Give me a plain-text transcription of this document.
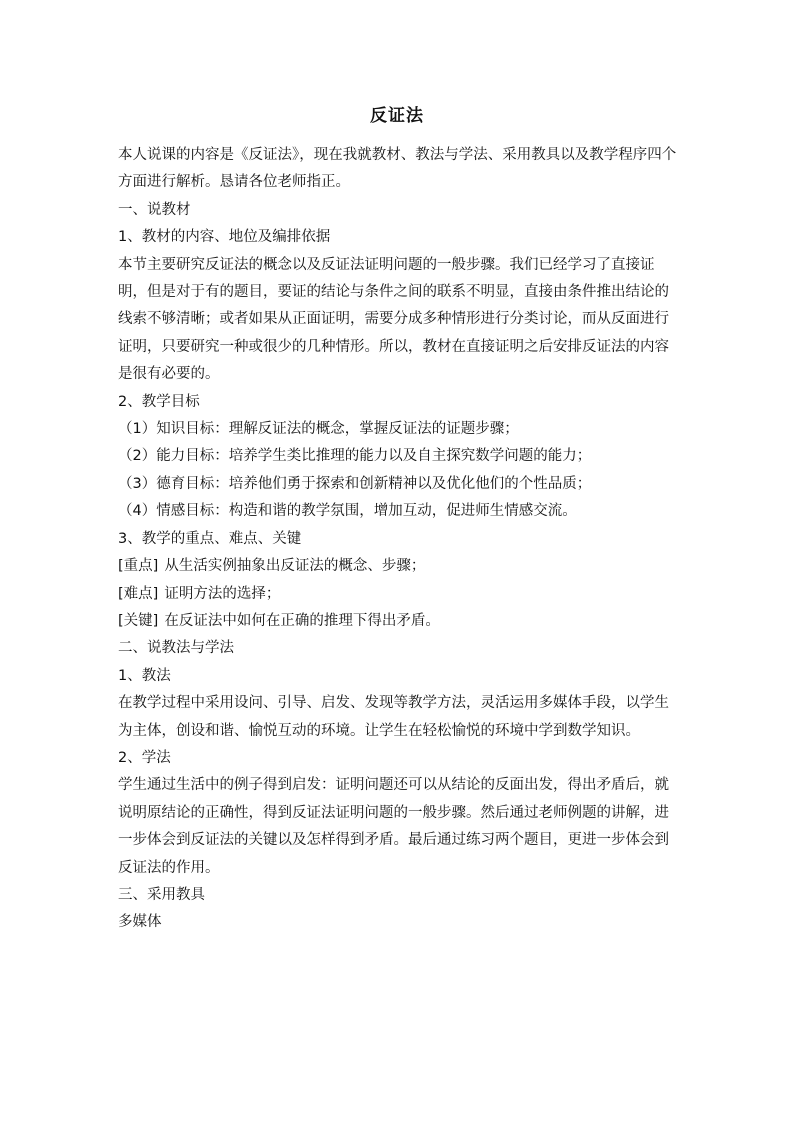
反证法

本人说课的内容是《反证法》，现在我就教材、教法与学法、采用教具以及教学程序四个方面进行解析。恳请各位老师指正。

一、说教材

1、教材的内容、地位及编排依据

本节主要研究反证法的概念以及反证法证明问题的一般步骤。我们已经学习了直接证明，但是对于有的题目，要证的结论与条件之间的联系不明显，直接由条件推出结论的线索不够清晰；或者如果从正面证明，需要分成多种情形进行分类讨论，而从反面进行证明，只要研究一种或很少的几种情形。所以，教材在直接证明之后安排反证法的内容是很有必要的。

2、教学目标

（1）知识目标：理解反证法的概念，掌握反证法的证题步骤；

（2）能力目标：培养学生类比推理的能力以及自主探究数学问题的能力；

（3）德育目标：培养他们勇于探索和创新精神以及优化他们的个性品质；

（4）情感目标：构造和谐的教学氛围，增加互动，促进师生情感交流。

3、教学的重点、难点、关键

[重点] 从生活实例抽象出反证法的概念、步骤；

[难点] 证明方法的选择；

[关键] 在反证法中如何在正确的推理下得出矛盾。

二、说教法与学法

1、教法

在教学过程中采用设问、引导、启发、发现等教学方法，灵活运用多媒体手段，以学生为主体，创设和谐、愉悦互动的环境。让学生在轻松愉悦的环境中学到数学知识。

2、学法

学生通过生活中的例子得到启发：证明问题还可以从结论的反面出发，得出矛盾后，就说明原结论的正确性，得到反证法证明问题的一般步骤。然后通过老师例题的讲解，进一步体会到反证法的关键以及怎样得到矛盾。最后通过练习两个题目，更进一步体会到反证法的作用。

三、采用教具

多媒体
